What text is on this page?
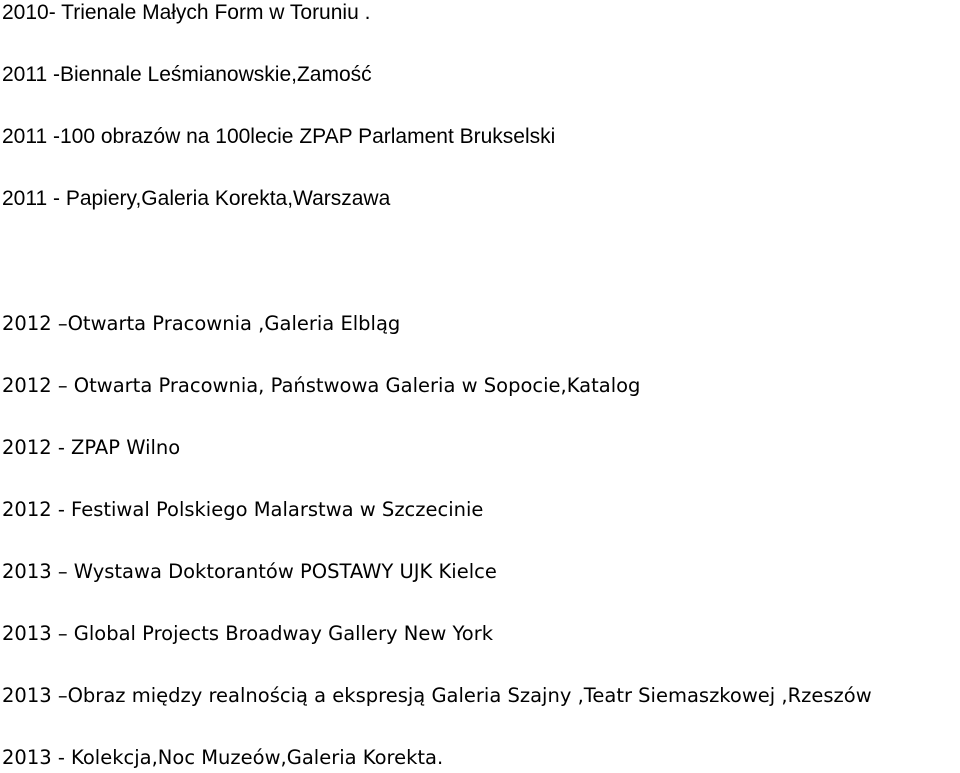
2010- Trienale Małych Form w Toruniu .
2011 -Biennale Leśmianowskie,Zamość
2011 -100 obrazów na 100lecie ZPAP Parlament Brukselski
2011 - Papiery,Galeria Korekta,Warszawa
2012 –Otwarta Pracownia ,Galeria Elbląg
2012 – Otwarta Pracownia, Państwowa Galeria w Sopocie,Katalog
2012 - ZPAP Wilno
2012 - Festiwal Polskiego Malarstwa w Szczecinie
2013 – Wystawa Doktorantów POSTAWY UJK Kielce
2013 – Global Projects Broadway Gallery New York
2013 –Obraz między realnością a ekspresją Galeria Szajny ,Teatr Siemaszkowej ,Rzeszów
2013 - Kolekcja,Noc Muzeów,Galeria Korekta.
